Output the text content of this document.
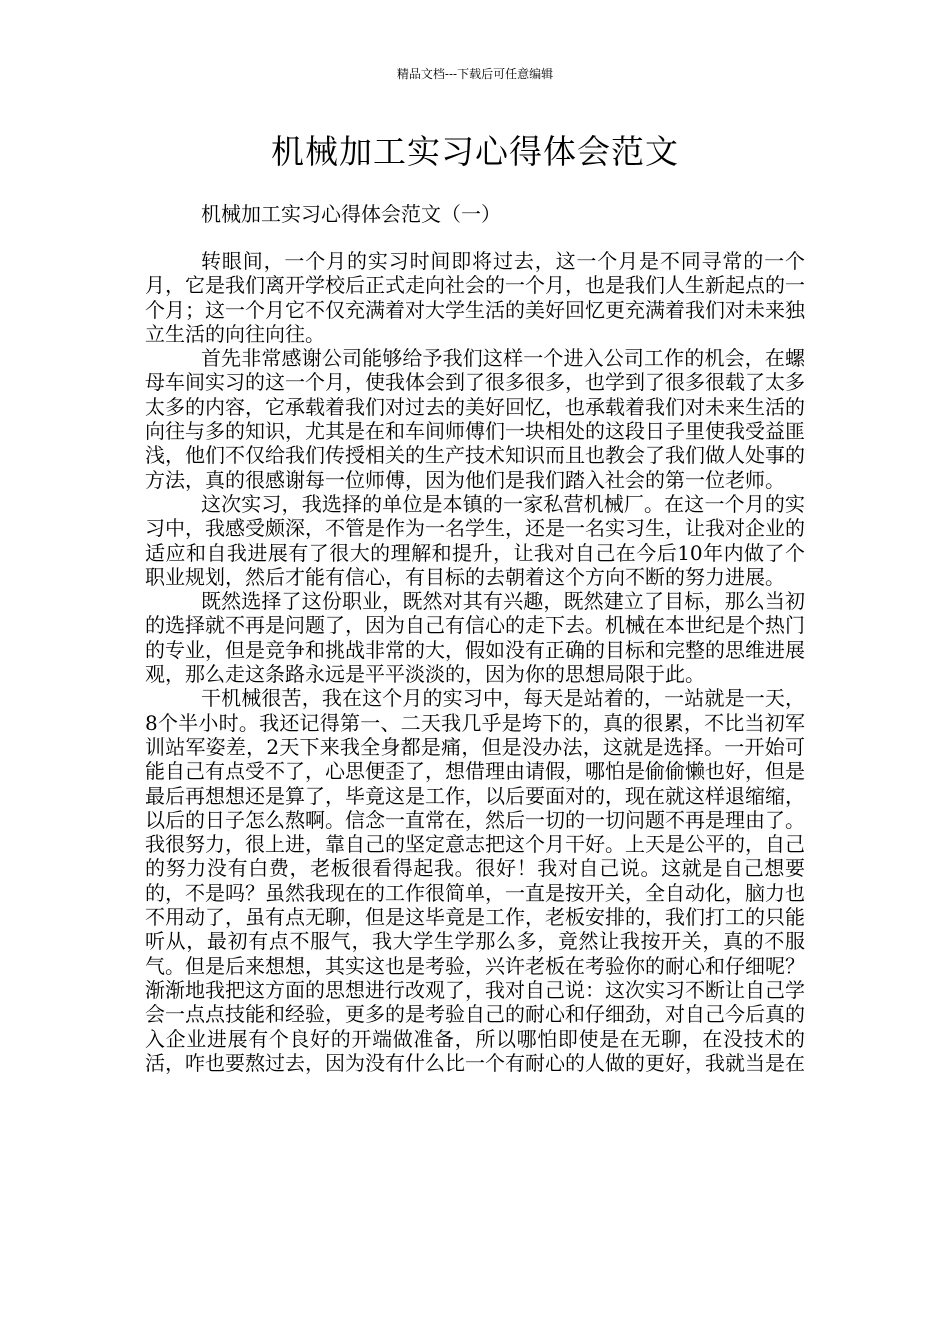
精品文档---下载后可任意编辑
机械加工实习心得体会范文
机械加工实习心得体会范文（一）

转眼间，一个月的实习时间即将过去，这一个月是不同寻常的一个月，它是我们离开学校后正式走向社会的一个月，也是我们人生新起点的一个月；这一个月它不仅充满着对大学生活的美好回忆更充满着我们对未来独立生活的向往向往。

首先非常感谢公司能够给予我们这样一个进入公司工作的机会，在螺母车间实习的这一个月，使我体会到了很多很多，也学到了很多很载了太多太多的内容，它承载着我们对过去的美好回忆，也承载着我们对未来生活的向往与多的知识，尤其是在和车间师傅们一块相处的这段日子里使我受益匪浅，他们不仅给我们传授相关的生产技术知识而且也教会了我们做人处事的方法，真的很感谢每一位师傅，因为他们是我们踏入社会的第一位老师。

这次实习，我选择的单位是本镇的一家私营机械厂。在这一个月的实习中，我感受颇深，不管是作为一名学生，还是一名实习生，让我对企业的适应和自我进展有了很大的理解和提升，让我对自己在今后10年内做了个职业规划，然后才能有信心，有目标的去朝着这个方向不断的努力进展。

既然选择了这份职业，既然对其有兴趣，既然建立了目标，那么当初的选择就不再是问题了，因为自己有信心的走下去。机械在本世纪是个热门的专业，但是竞争和挑战非常的大，假如没有正确的目标和完整的思维进展观，那么走这条路永远是平平淡淡的，因为你的思想局限于此。

干机械很苦，我在这个月的实习中，每天是站着的，一站就是一天，8个半小时。我还记得第一、二天我几乎是垮下的，真的很累，不比当初军训站军姿差，2天下来我全身都是痛，但是没办法，这就是选择。一开始可能自己有点受不了，心思便歪了，想借理由请假，哪怕是偷偷懒也好，但是最后再想想还是算了，毕竟这是工作，以后要面对的，现在就这样退缩缩，以后的日子怎么熬啊。信念一直常在，然后一切的一切问题不再是理由了。我很努力，很上进，靠自己的坚定意志把这个月干好。上天是公平的，自己的努力没有白费，老板很看得起我。很好！我对自己说。这就是自己想要的，不是吗？虽然我现在的工作很简单，一直是按开关，全自动化，脑力也不用动了，虽有点无聊，但是这毕竟是工作，老板安排的，我们打工的只能听从，最初有点不服气，我大学生学那么多，竟然让我按开关，真的不服气。但是后来想想，其实这也是考验，兴许老板在考验你的耐心和仔细呢？渐渐地我把这方面的思想进行改观了，我对自己说：这次实习不断让自己学会一点点技能和经验，更多的是考验自己的耐心和仔细劲，对自己今后真的入企业进展有个良好的开端做准备，所以哪怕即使是在无聊，在没技术的活，咋也要熬过去，因为没有什么比一个有耐心的人做的更好，我就当是在
